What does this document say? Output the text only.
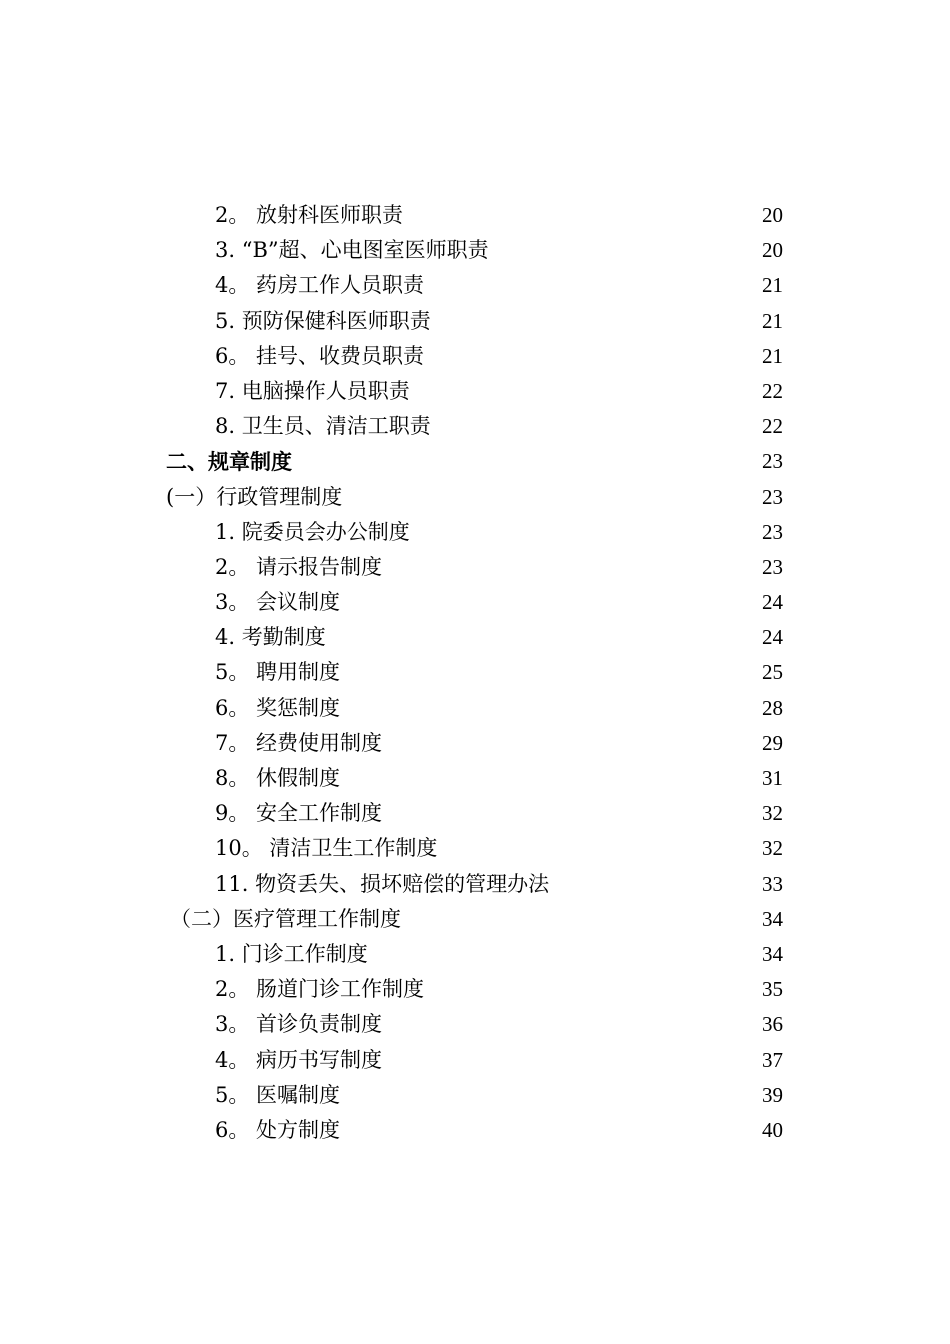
2。 放射科医师职责	20
3. “B”超、心电图室医师职责	20
4。 药房工作人员职责	21
5. 预防保健科医师职责	21
6。 挂号、收费员职责	21
7. 电脑操作人员职责	22
8. 卫生员、清洁工职责	22
二、规章制度	23
(一）行政管理制度	23
1. 院委员会办公制度	23
2。 请示报告制度	23
3。 会议制度	24
4. 考勤制度	24
5。 聘用制度	25
6。 奖惩制度	28
7。 经费使用制度	29
8。 休假制度	31
9。 安全工作制度	32
10。 清洁卫生工作制度	32
11. 物资丢失、损坏赔偿的管理办法	33
（二）医疗管理工作制度	34
1. 门诊工作制度	34
2。 肠道门诊工作制度	35
3。 首诊负责制度	36
4。 病历书写制度	37
5。 医嘱制度	39
6。 处方制度	40
